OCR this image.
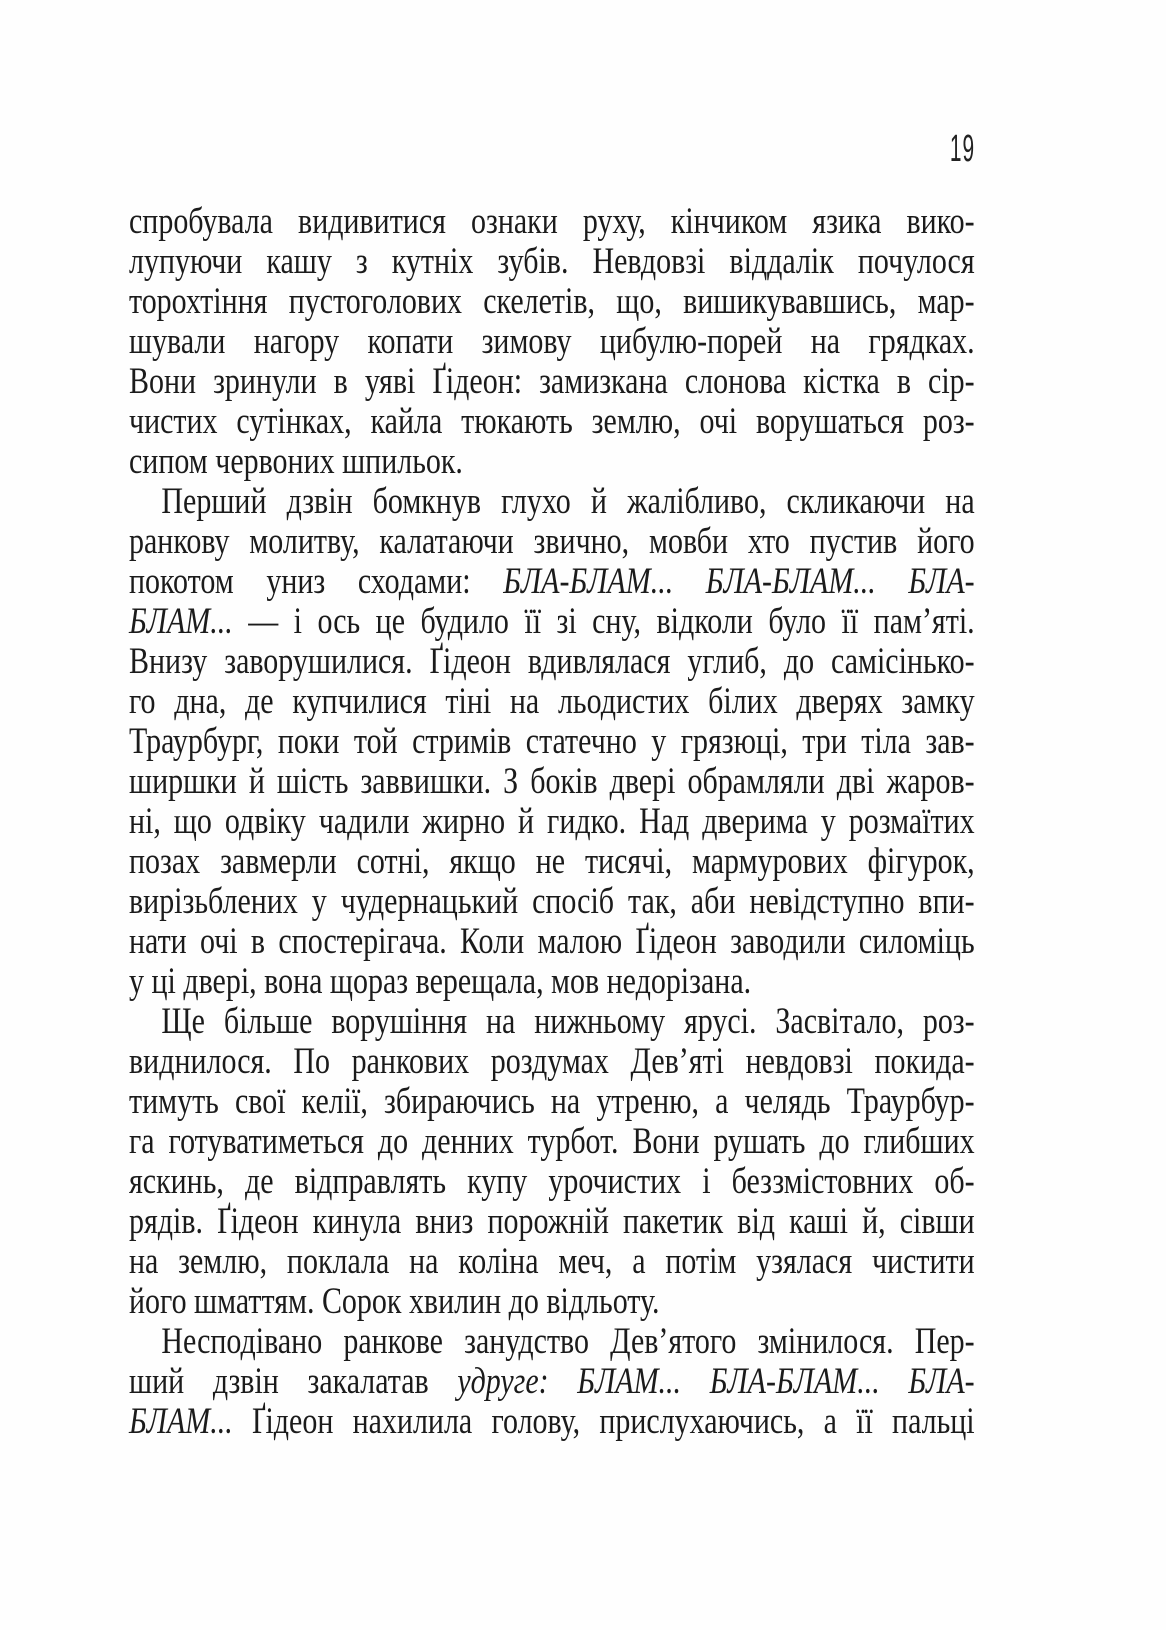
19
спробувала видивитися ознаки руху, кінчиком язика вико-
лупуючи кашу з кутніх зубів. Невдовзі віддалік почулося
торохтіння пустоголових скелетів, що, вишикувавшись, мар-
шували нагору копати зимову цибулю-порей на грядках.
Вони зринули в уяві Ґідеон: замизкана слонова кістка в сір-
чистих сутінках, кайла тюкають землю, очі ворушаться роз-
сипом червоних шпильок.
Перший дзвін бомкнув глухо й жалібливо, скликаючи на
ранкову молитву, калатаючи звично, мовби хто пустив його
покотом униз сходами: БЛА-БЛАМ... БЛА-БЛАМ... БЛА-
БЛАМ... — і ось це будило її зі сну, відколи було її пам’яті.
Внизу заворушилися. Ґідеон вдивлялася углиб, до самісінько-
го дна, де купчилися тіні на льодистих білих дверях замку
Траурбург, поки той стримів статечно у грязюці, три тіла зав-
ширшки й шість заввишки. З боків двері обрамляли дві жаров-
ні, що одвіку чадили жирно й гидко. Над дверима у розмаїтих
позах завмерли сотні, якщо не тисячі, мармурових фігурок,
вирізьблених у чудернацький спосіб так, аби невідступно впи-
нати очі в спостерігача. Коли малою Ґідеон заводили силоміць
у ці двері, вона щораз верещала, мов недорізана.
Ще більше ворушіння на нижньому ярусі. Засвітало, роз-
виднилося. По ранкових роздумах Дев’яті невдовзі покида-
тимуть свої келії, збираючись на утреню, а челядь Траурбур-
га готуватиметься до денних турбот. Вони рушать до глибших
яскинь, де відправлять купу урочистих і беззмістовних об-
рядів. Ґідеон кинула вниз порожній пакетик від каші й, сівши
на землю, поклала на коліна меч, а потім узялася чистити
його шматтям. Сорок хвилин до відльоту.
Несподівано ранкове занудство Дев’ятого змінилося. Пер-
ший дзвін закалатав удруге: БЛАМ... БЛА-БЛАМ... БЛА-
БЛАМ... Ґідеон нахилила голову, прислухаючись, а її пальці
